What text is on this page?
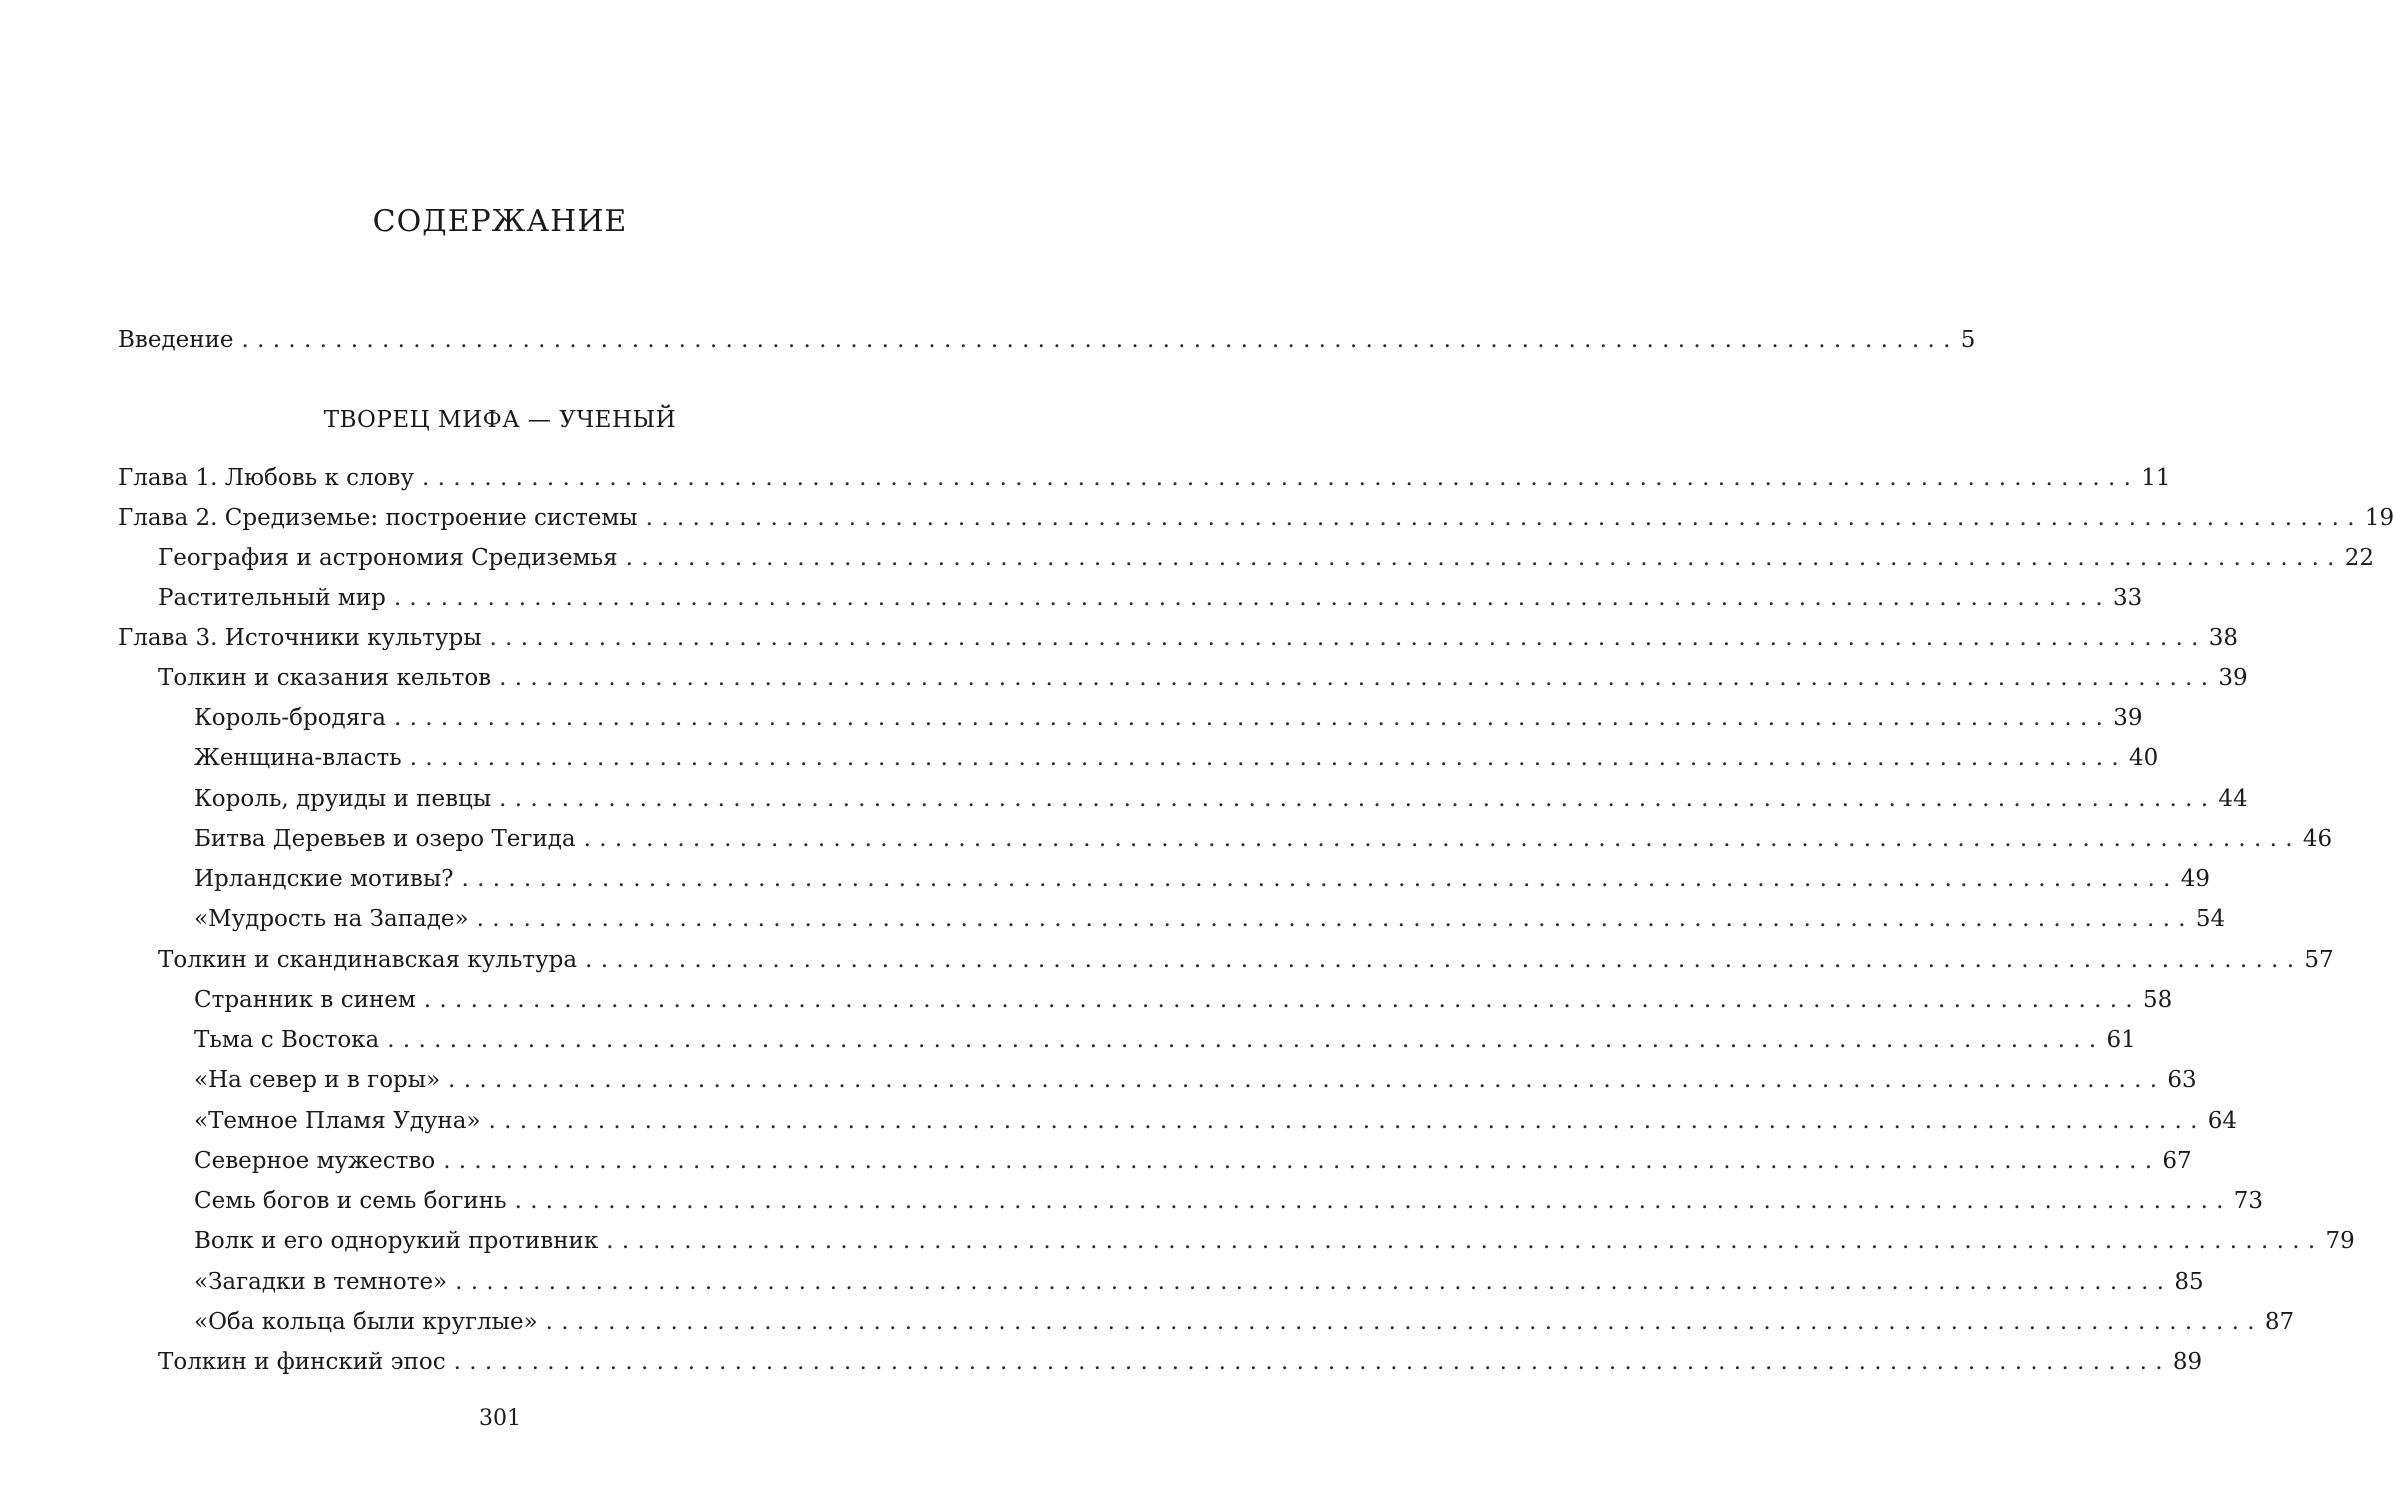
СОДЕРЖАНИЕ
Введение .............................................................................................................. 5
ТВОРЕЦ МИФА — УЧЕНЫЙ
Глава 1. Любовь к слову .............................................................................................................. 11
Глава 2. Средиземье: построение системы .............................................................................................................. 19
География и астрономия Средиземья .............................................................................................................. 22
Растительный мир .............................................................................................................. 33
Глава 3. Источники культуры .............................................................................................................. 38
Толкин и сказания кельтов .............................................................................................................. 39
Король-бродяга .............................................................................................................. 39
Женщина-власть .............................................................................................................. 40
Король, друиды и певцы .............................................................................................................. 44
Битва Деревьев и озеро Тегида .............................................................................................................. 46
Ирландские мотивы? .............................................................................................................. 49
«Мудрость на Западе» .............................................................................................................. 54
Толкин и скандинавская культура .............................................................................................................. 57
Странник в синем .............................................................................................................. 58
Тьма с Востока .............................................................................................................. 61
«На север и в горы» .............................................................................................................. 63
«Темное Пламя Удуна» .............................................................................................................. 64
Северное мужество .............................................................................................................. 67
Семь богов и семь богинь .............................................................................................................. 73
Волк и его однорукий противник .............................................................................................................. 79
«Загадки в темноте» .............................................................................................................. 85
«Оба кольца были круглые» .............................................................................................................. 87
Толкин и финский эпос .............................................................................................................. 89
301
